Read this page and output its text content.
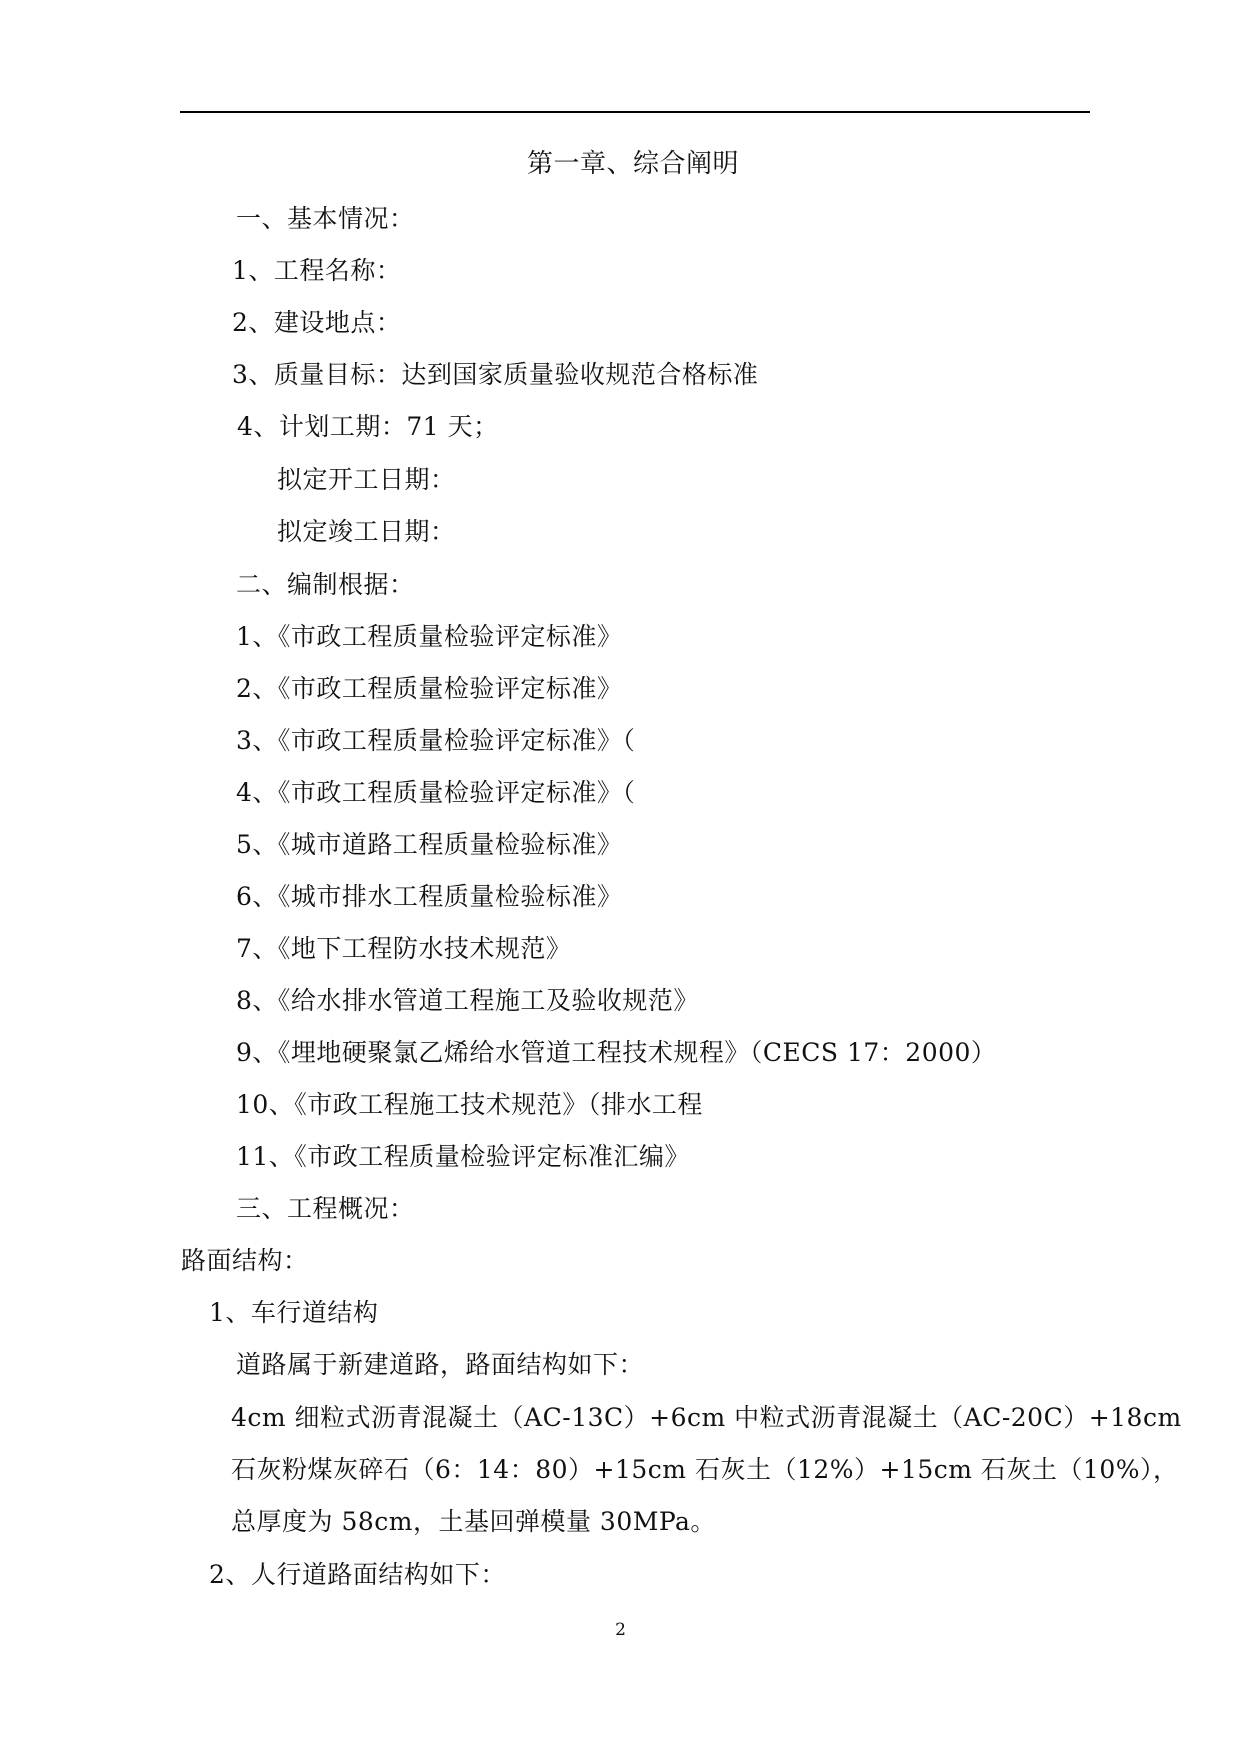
第一章、综合阐明
一、基本情况：
1、工程名称：
2、建设地点：
3、质量目标：达到国家质量验收规范合格标准
4、计划工期：71 天；
拟定开工日期：
拟定竣工日期：
二、编制根据：
1、《市政工程质量检验评定标准》
2、《市政工程质量检验评定标准》
3、《市政工程质量检验评定标准》（
4、《市政工程质量检验评定标准》（
5、《城市道路工程质量检验标准》
6、《城市排水工程质量检验标准》
7、《地下工程防水技术规范》
8、《给水排水管道工程施工及验收规范》
9、《埋地硬聚氯乙烯给水管道工程技术规程》（CECS 17：2000）
10、《市政工程施工技术规范》（排水工程
11、《市政工程质量检验评定标准汇编》
三、工程概况：
路面结构：
1、车行道结构
道路属于新建道路，路面结构如下：
4cm 细粒式沥青混凝土（AC-13C）+6cm 中粒式沥青混凝土（AC-20C）+18cm
石灰粉煤灰碎石（6：14：80）+15cm 石灰土（12%）+15cm 石灰土（10%），
总厚度为 58cm，土基回弹模量 30MPa。
2、人行道路面结构如下：
2
